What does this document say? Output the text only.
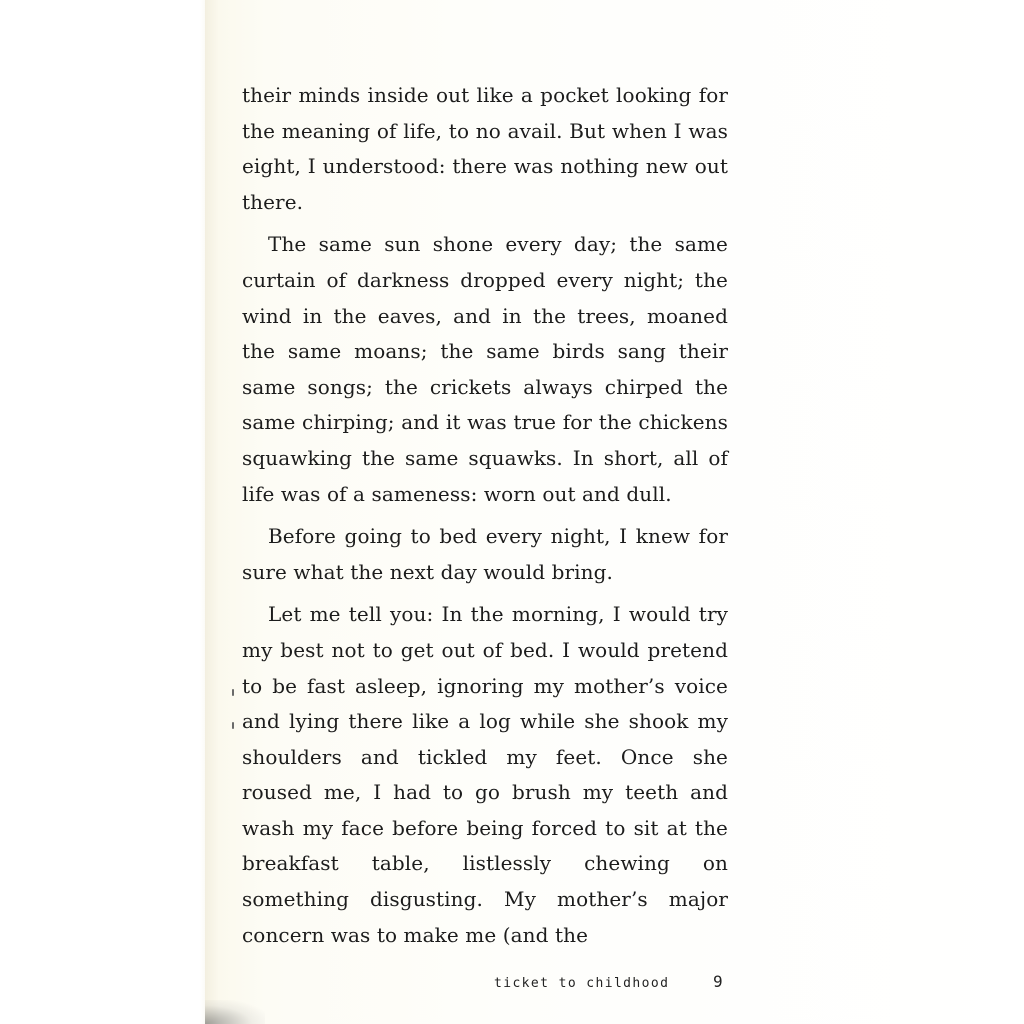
their minds inside out like a pocket looking for the meaning of life, to no avail. But when I was eight, I understood: there was nothing new out there.

The same sun shone every day; the same curtain of darkness dropped every night; the wind in the eaves, and in the trees, moaned the same moans; the same birds sang their same songs; the crickets always chirped the same chirping; and it was true for the chickens squawking the same squawks. In short, all of life was of a sameness: worn out and dull.

Before going to bed every night, I knew for sure what the next day would bring.

Let me tell you: In the morning, I would try my best not to get out of bed. I would pretend to be fast asleep, ignoring my mother’s voice and lying there like a log while she shook my shoulders and tickled my feet. Once she roused me, I had to go brush my teeth and wash my face before being forced to sit at the breakfast table, listlessly chewing on something disgusting. My mother’s major concern was to make me (and the

ticket to childhood	9
